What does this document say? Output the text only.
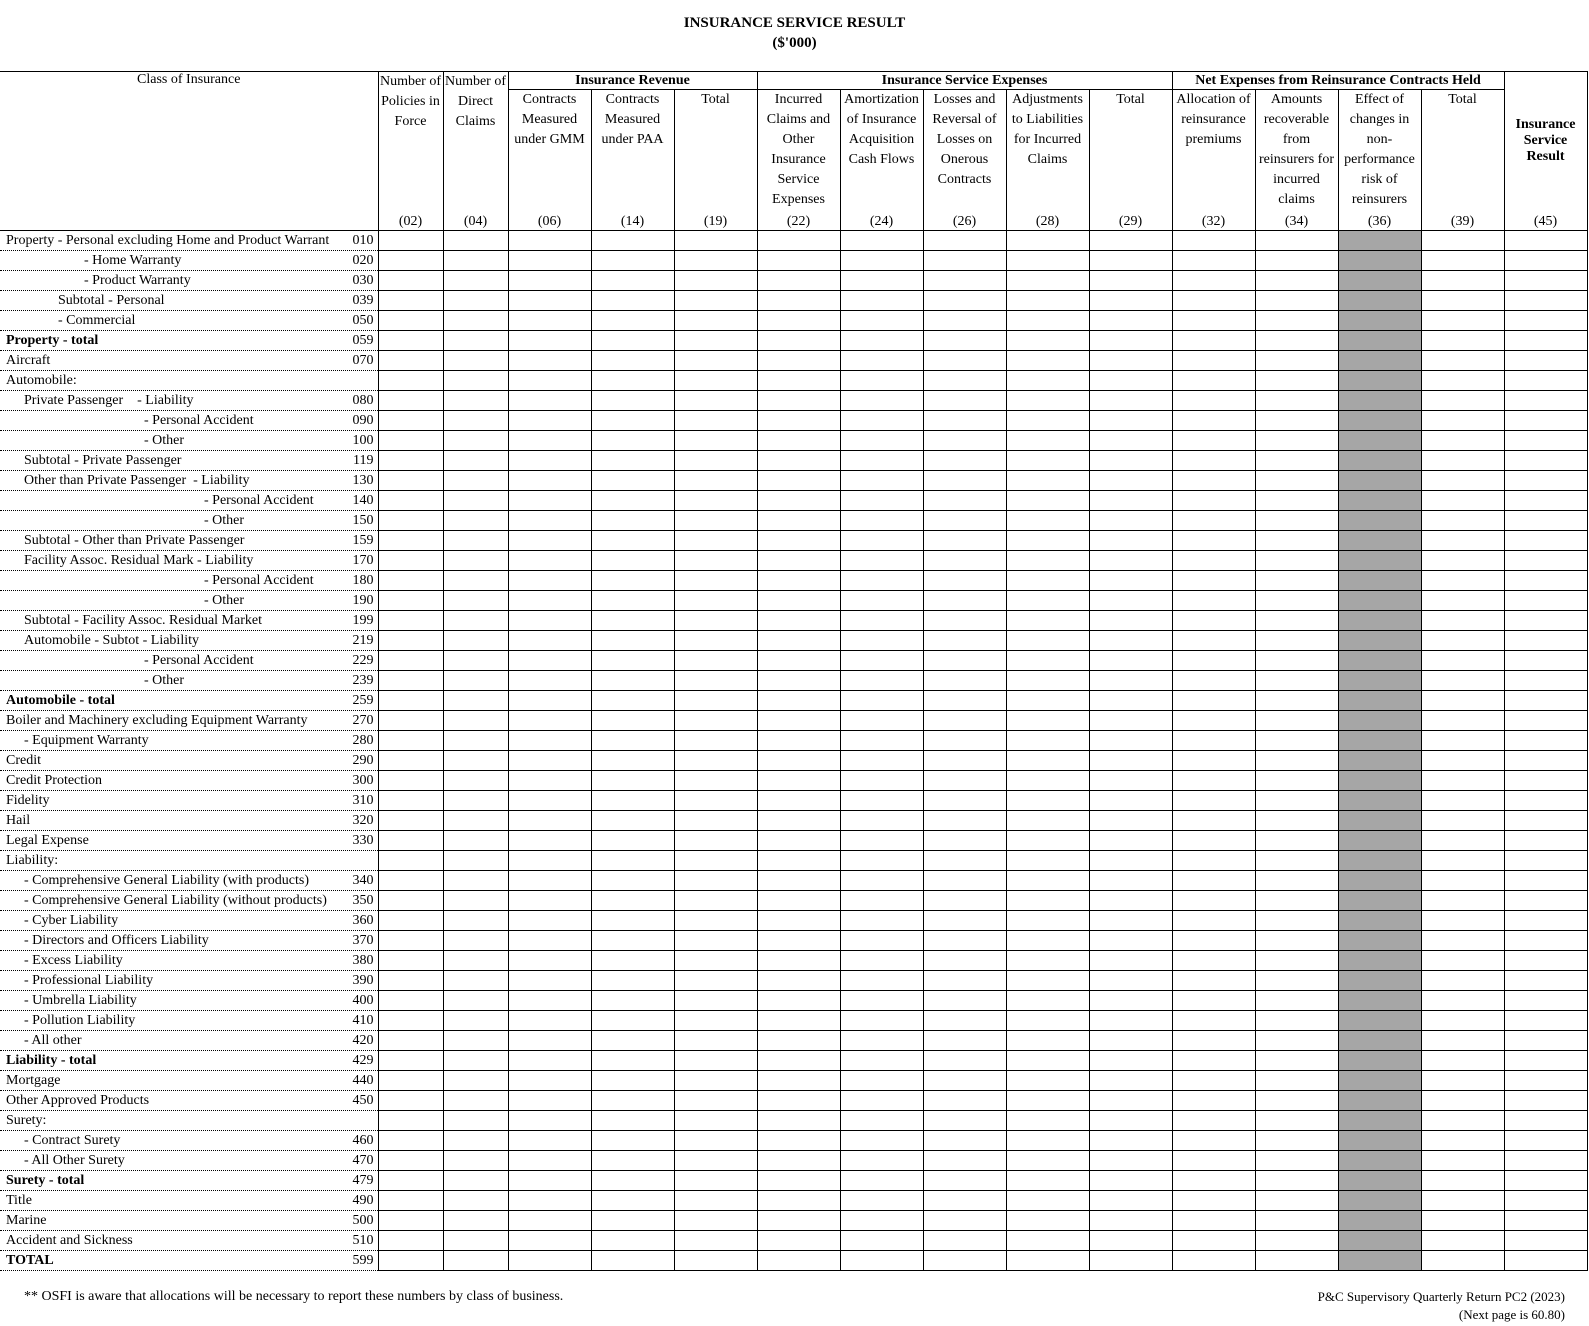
INSURANCE SERVICE RESULT
($'000)
Class of Insurance	Number of Policies in Force	Number of Direct Claims	Insurance Revenue			Insurance Service Expenses					Net Expenses from Reinsurance Contracts Held				Insurance Service Result
			Contracts Measured under GMM	Contracts Measured under PAA	Total	Incurred Claims and Other Insurance Service Expenses	Amortization of Insurance Acquisition Cash Flows	Losses and Reversal of Losses on Onerous Contracts	Adjustments to Liabilities for Incurred Claims	Total	Allocation of reinsurance premiums	Amounts recoverable from reinsurers for incurred claims	Effect of changes in non-performance risk of reinsurers	Total	
	(02)	(04)	(06)	(14)	(19)	(22)	(24)	(26)	(28)	(29)	(32)	(34)	(36)	(39)	(45)
Property - Personal excluding Home and Product Warrant 010															

- Home Warranty 020															

- Product Warranty 030															

Subtotal - Personal 039															

- Commercial 050															

Property - total 059															

Aircraft 070															

Automobile:

Private Passenger    - Liability 080															

- Personal Accident 090															

- Other 100															

Subtotal - Private Passenger 119															

Other than Private Passenger  - Liability 130															

- Personal Accident 140															

- Other 150															

Subtotal - Other than Private Passenger 159															

Facility Assoc. Residual Mark - Liability 170															

- Personal Accident 180															

- Other 190															

Subtotal - Facility Assoc. Residual Market 199															

Automobile - Subtot - Liability 219															

- Personal Accident 229															

- Other 239															

Automobile - total 259															

Boiler and Machinery excluding Equipment Warranty 270															

- Equipment Warranty 280															

Credit 290															

Credit Protection 300															

Fidelity 310															

Hail 320															

Legal Expense 330															

Liability:

- Comprehensive General Liability (with products) 340															

- Comprehensive General Liability (without products) 350															

- Cyber Liability 360															

- Directors and Officers Liability 370															

- Excess Liability 380															

- Professional Liability 390															

- Umbrella Liability 400															

- Pollution Liability 410															

- All other 420															

Liability - total 429															

Mortgage 440															

Other Approved Products 450															

Surety:

- Contract Surety 460															

- All Other Surety 470															

Surety - total 479															

Title 490															

Marine 500															

Accident and Sickness 510															

TOTAL 599															

** OSFI is aware that allocations will be necessary to report these numbers by class of business.	P&C Supervisory Quarterly Return PC2 (2023)
(Next page is 60.80)
